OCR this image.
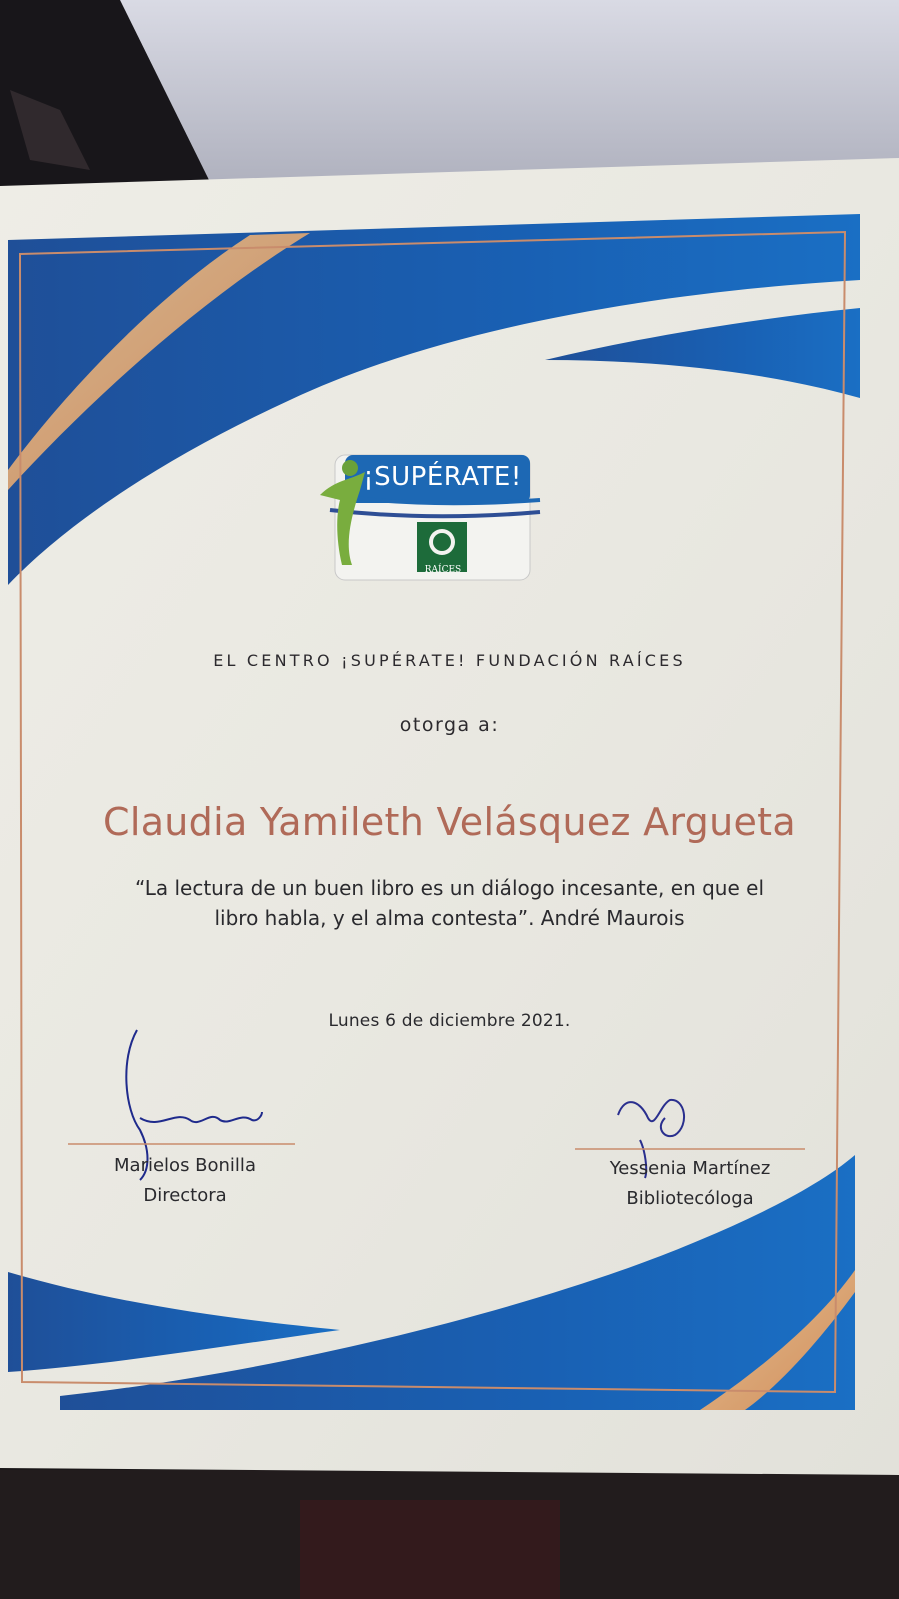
¡SUPÉRATE!

RAÍCES

EL CENTRO ¡SUPÉRATE! FUNDACIÓN RAÍCES

otorga a:

Claudia Yamileth Velásquez Argueta

“La lectura de un buen libro es un diálogo incesante, en que el

libro habla, y el alma contesta”. André Maurois

Lunes 6 de diciembre 2021.

Marielos Bonilla

Directora

Yessenia Martínez

Bibliotecóloga
